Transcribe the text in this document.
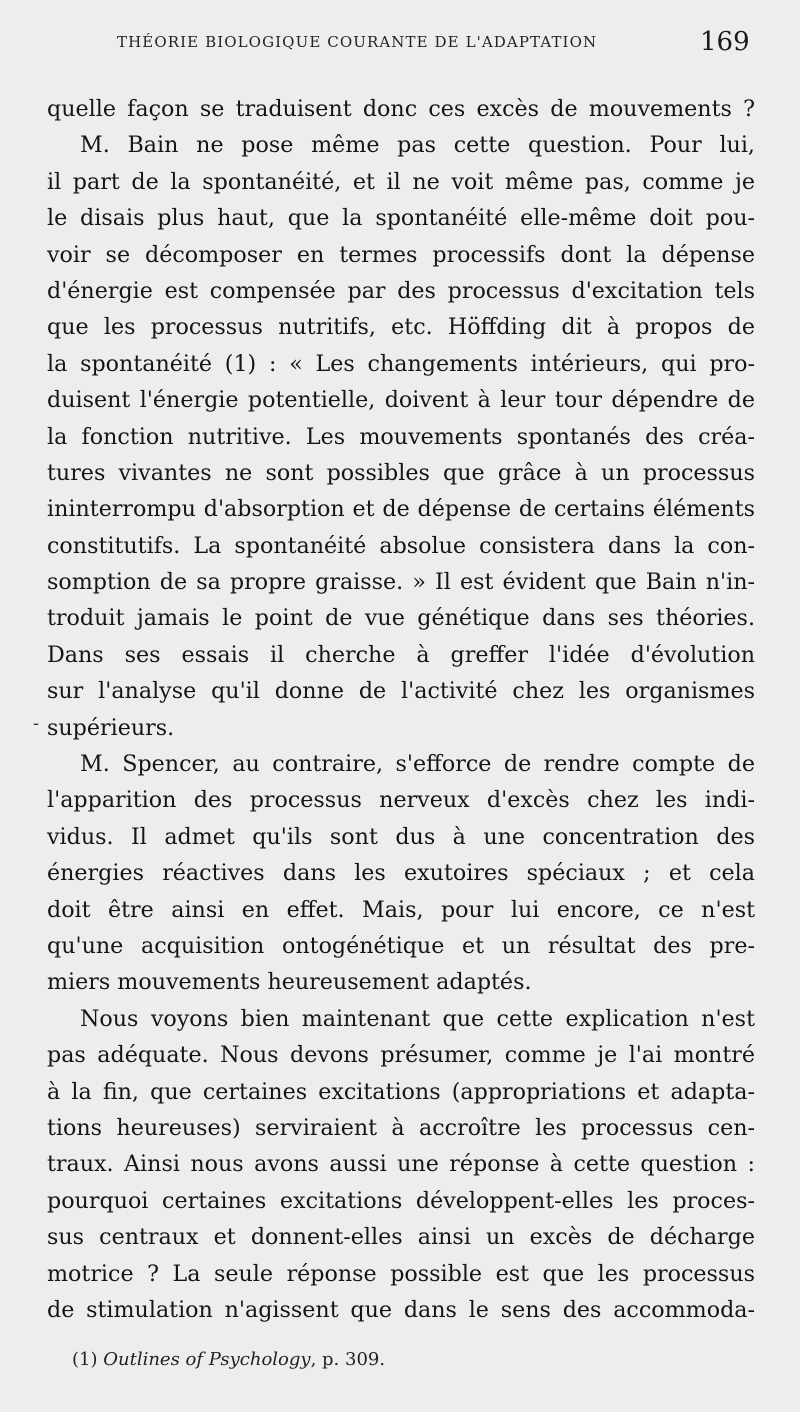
THÉORIE BIOLOGIQUE COURANTE DE L'ADAPTATION	169
-
quelle façon se traduisent donc ces excès de mouvements ?
M. Bain ne pose même pas cette question. Pour lui,
il part de la spontanéité, et il ne voit même pas, comme je
le disais plus haut, que la spontanéité elle-même doit pou-
voir se décomposer en termes processifs dont la dépense
d'énergie est compensée par des processus d'excitation tels
que les processus nutritifs, etc. Höffding dit à propos de
la spontanéité (1) : « Les changements intérieurs, qui pro-
duisent l'énergie potentielle, doivent à leur tour dépendre de
la fonction nutritive. Les mouvements spontanés des créa-
tures vivantes ne sont possibles que grâce à un processus
ininterrompu d'absorption et de dépense de certains éléments
constitutifs. La spontanéité absolue consistera dans la con-
somption de sa propre graisse. » Il est évident que Bain n'in-
troduit jamais le point de vue génétique dans ses théories.
Dans ses essais il cherche à greffer l'idée d'évolution
sur l'analyse qu'il donne de l'activité chez les organismes
supérieurs.
M. Spencer, au contraire, s'efforce de rendre compte de
l'apparition des processus nerveux d'excès chez les indi-
vidus. Il admet qu'ils sont dus à une concentration des
énergies réactives dans les exutoires spéciaux ; et cela
doit être ainsi en effet. Mais, pour lui encore, ce n'est
qu'une acquisition ontogénétique et un résultat des pre-
miers mouvements heureusement adaptés.
Nous voyons bien maintenant que cette explication n'est
pas adéquate. Nous devons présumer, comme je l'ai montré
à la fin, que certaines excitations (appropriations et adapta-
tions heureuses) serviraient à accroître les processus cen-
traux. Ainsi nous avons aussi une réponse à cette question :
pourquoi certaines excitations développent-elles les proces-
sus centraux et donnent-elles ainsi un excès de décharge
motrice ? La seule réponse possible est que les processus
de stimulation n'agissent que dans le sens des accommoda-
(1) Outlines of Psychology, p. 309.
